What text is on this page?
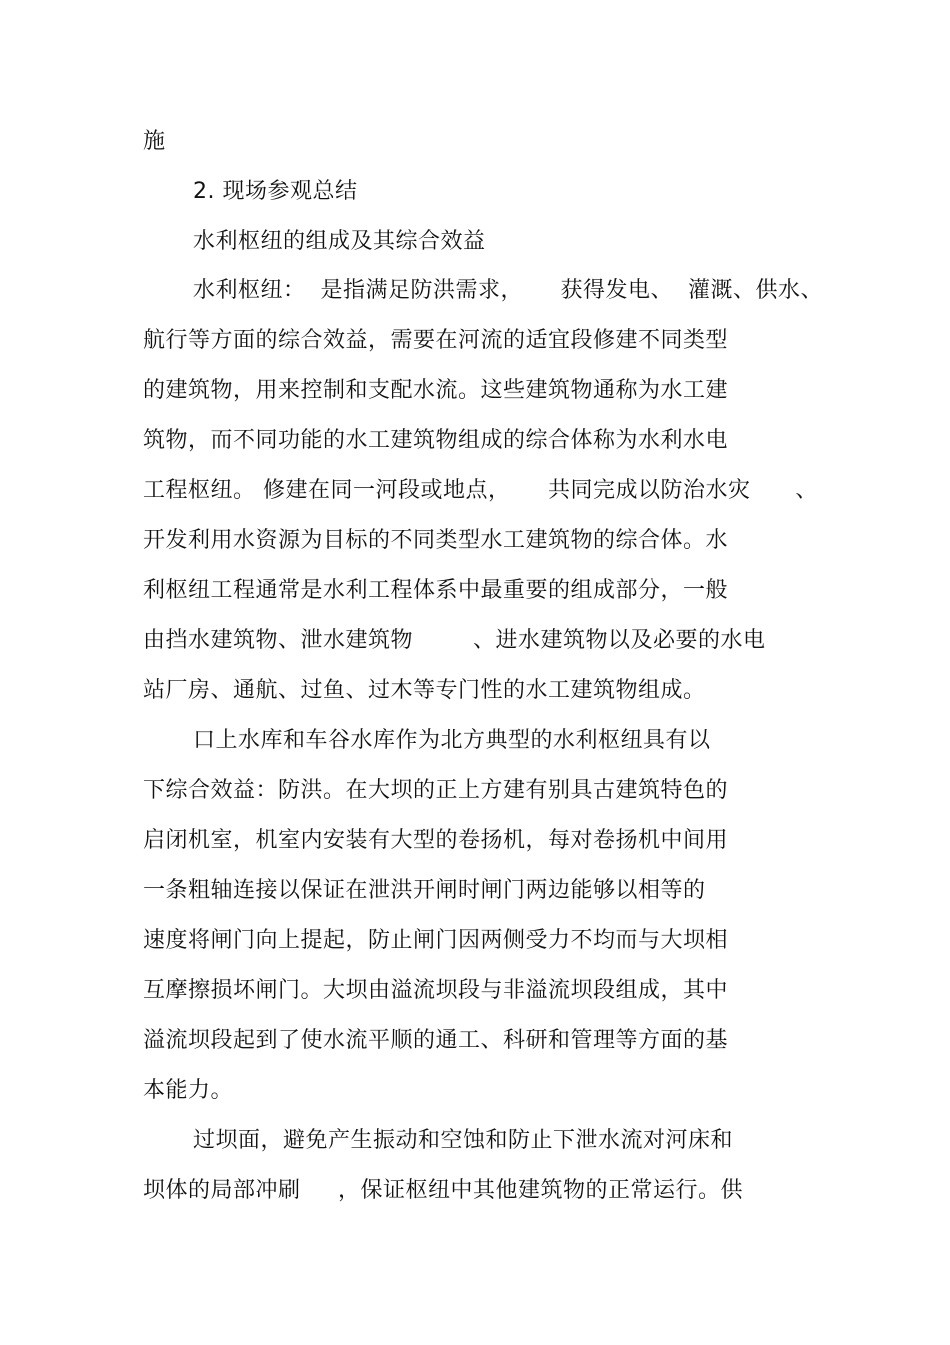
施
2. 现场参观总结
水利枢纽的组成及其综合效益
水利枢纽：  是指满足防洪需求，     获得发电、  灌溉、供水、
航行等方面的综合效益，需要在河流的适宜段修建不同类型
的建筑物，用来控制和支配水流。这些建筑物通称为水工建
筑物，而不同功能的水工建筑物组成的综合体称为水利水电
工程枢纽。 修建在同一河段或地点，     共同完成以防治水灾      、
开发利用水资源为目标的不同类型水工建筑物的综合体。水
利枢纽工程通常是水利工程体系中最重要的组成部分，一般
由挡水建筑物、泄水建筑物        、进水建筑物以及必要的水电
站厂房、通航、过鱼、过木等专门性的水工建筑物组成。
口上水库和车谷水库作为北方典型的水利枢纽具有以
下综合效益：防洪。在大坝的正上方建有别具古建筑特色的
启闭机室，机室内安装有大型的卷扬机，每对卷扬机中间用
一条粗轴连接以保证在泄洪开闸时闸门两边能够以相等的
速度将闸门向上提起，防止闸门因两侧受力不均而与大坝相
互摩擦损坏闸门。大坝由溢流坝段与非溢流坝段组成，其中
溢流坝段起到了使水流平顺的通工、科研和管理等方面的基
本能力。
过坝面，避免产生振动和空蚀和防止下泄水流对河床和
坝体的局部冲刷     ，保证枢纽中其他建筑物的正常运行。供
